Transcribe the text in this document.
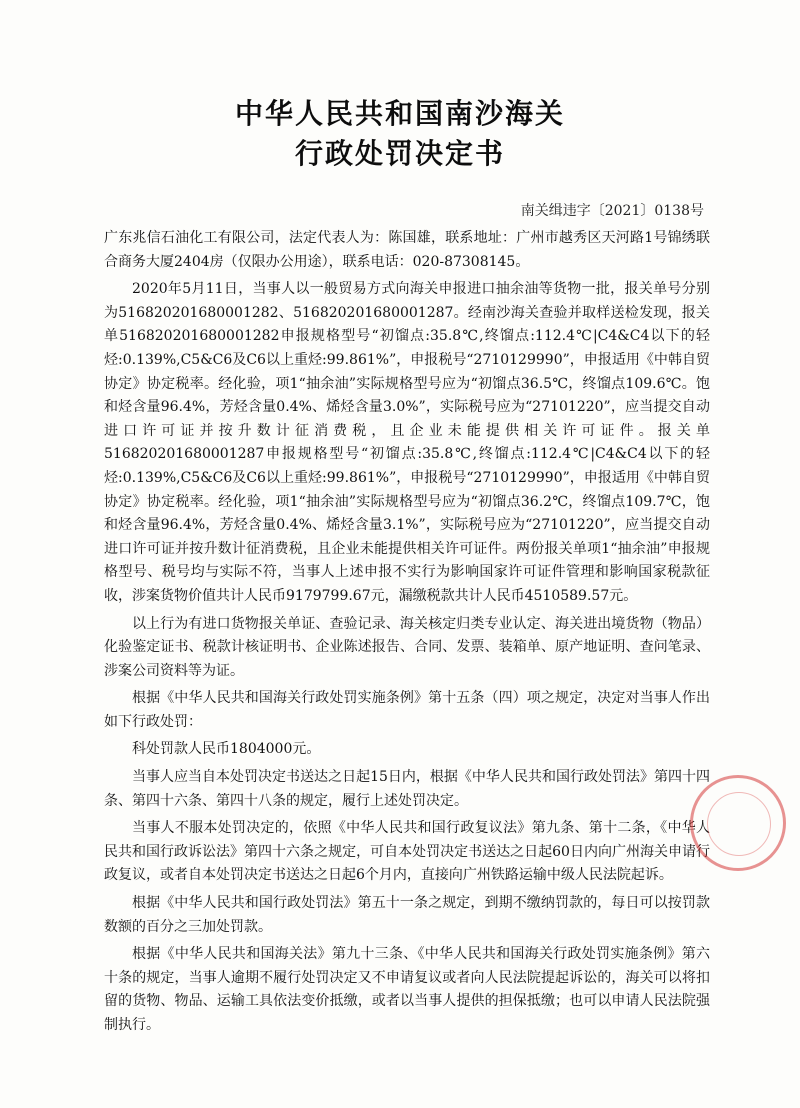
中华人民共和国南沙海关
行政处罚决定书
南关缉违字〔2021〕0138号

广东兆信石油化工有限公司，法定代表人为：陈国雄，联系地址：广州市越秀区天河路1号锦绣联合商务大厦2404房（仅限办公用途），联系电话：020-87308145。

2020年5月11日，当事人以一般贸易方式向海关申报进口抽余油等货物一批，报关单号分别为516820201680001282、516820201680001287。经南沙海关查验并取样送检发现，报关单516820201680001282申报规格型号“初馏点:35.8℃,终馏点:112.4℃|C4&C4以下的轻烃:0.139%,C5&C6及C6以上重烃:99.861%”，申报税号“2710129990”，申报适用《中韩自贸协定》协定税率。经化验，项1“抽余油”实际规格型号应为“初馏点36.5℃，终馏点109.6℃。饱和烃含量96.4%，芳烃含量0.4%、烯烃含量3.0%”，实际税号应为“27101220”，应当提交自动进口许可证并按升数计征消费税，且企业未能提供相关许可证件。报关单516820201680001287申报规格型号“初馏点:35.8℃,终馏点:112.4℃|C4&C4以下的轻烃:0.139%,C5&C6及C6以上重烃:99.861%”，申报税号“2710129990”，申报适用《中韩自贸协定》协定税率。经化验，项1“抽余油”实际规格型号应为“初馏点36.2℃，终馏点109.7℃，饱和烃含量96.4%，芳烃含量0.4%、烯烃含量3.1%”，实际税号应为“27101220”，应当提交自动进口许可证并按升数计征消费税，且企业未能提供相关许可证件。两份报关单项1“抽余油”申报规格型号、税号均与实际不符，当事人上述申报不实行为影响国家许可证件管理和影响国家税款征收，涉案货物价值共计人民币9179799.67元，漏缴税款共计人民币4510589.57元。

以上行为有进口货物报关单证、查验记录、海关核定归类专业认定、海关进出境货物（物品）化验鉴定证书、税款计核证明书、企业陈述报告、合同、发票、装箱单、原产地证明、查问笔录、涉案公司资料等为证。

根据《中华人民共和国海关行政处罚实施条例》第十五条（四）项之规定，决定对当事人作出如下行政处罚：

科处罚款人民币1804000元。

当事人应当自本处罚决定书送达之日起15日内，根据《中华人民共和国行政处罚法》第四十四条、第四十六条、第四十八条的规定，履行上述处罚决定。

当事人不服本处罚决定的，依照《中华人民共和国行政复议法》第九条、第十二条，《中华人民共和国行政诉讼法》第四十六条之规定，可自本处罚决定书送达之日起60日内向广州海关申请行政复议，或者自本处罚决定书送达之日起6个月内，直接向广州铁路运输中级人民法院起诉。

根据《中华人民共和国行政处罚法》第五十一条之规定，到期不缴纳罚款的，每日可以按罚款数额的百分之三加处罚款。

根据《中华人民共和国海关法》第九十三条、《中华人民共和国海关行政处罚实施条例》第六十条的规定，当事人逾期不履行处罚决定又不申请复议或者向人民法院提起诉讼的，海关可以将扣留的货物、物品、运输工具依法变价抵缴，或者以当事人提供的担保抵缴；也可以申请人民法院强制执行。
